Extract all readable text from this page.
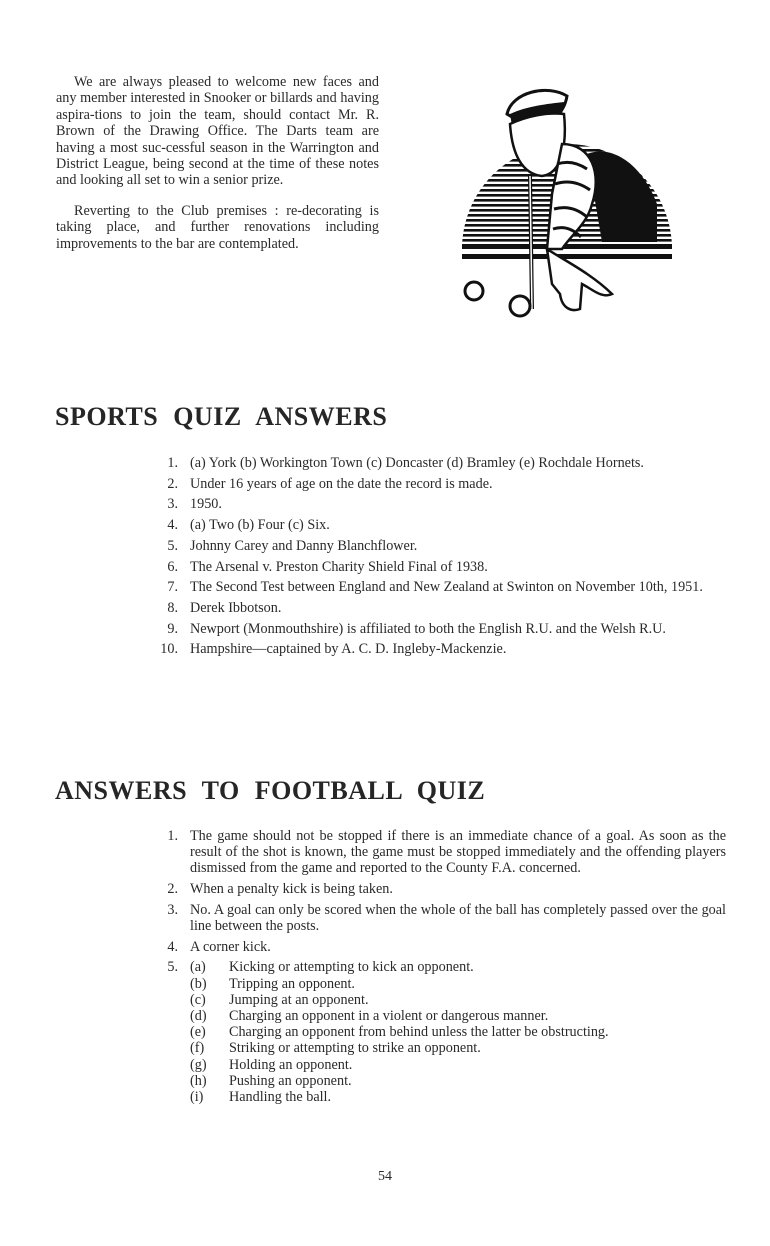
We are always pleased to welcome new faces and any member interested in Snooker or billards and having aspira-tions to join the team, should contact Mr. R. Brown of the Drawing Office. The Darts team are having a most suc-cessful season in the Warrington and District League, being second at the time of these notes and looking all set to win a senior prize.

Reverting to the Club premises : re-decorating is taking place, and further renovations including improvements to the bar are contemplated.

SPORTS QUIZ ANSWERS
1. (a) York (b) Workington Town (c) Doncaster (d) Bramley (e) Rochdale Hornets.
2. Under 16 years of age on the date the record is made.
3. 1950.
4. (a) Two (b) Four (c) Six.
5. Johnny Carey and Danny Blanchflower.
6. The Arsenal v. Preston Charity Shield Final of 1938.
7. The Second Test between England and New Zealand at Swinton on November 10th, 1951.
8. Derek Ibbotson.
9. Newport (Monmouthshire) is affiliated to both the English R.U. and the Welsh R.U.
10. Hampshire—captained by A. C. D. Ingleby-Mackenzie.
ANSWERS TO FOOTBALL QUIZ
1. The game should not be stopped if there is an immediate chance of a goal. As soon as the result of the shot is known, the game must be stopped immediately and the offending players dismissed from the game and reported to the County F.A. concerned.
2. When a penalty kick is being taken.
3. No. A goal can only be scored when the whole of the ball has completely passed over the goal line between the posts.
4. A corner kick.
5. (a) Kicking or attempting to kick an opponent.
(b) Tripping an opponent.
(c) Jumping at an opponent.
(d) Charging an opponent in a violent or dangerous manner.
(e) Charging an opponent from behind unless the latter be obstructing.
(f) Striking or attempting to strike an opponent.
(g) Holding an opponent.
(h) Pushing an opponent.
(i) Handling the ball.
54
